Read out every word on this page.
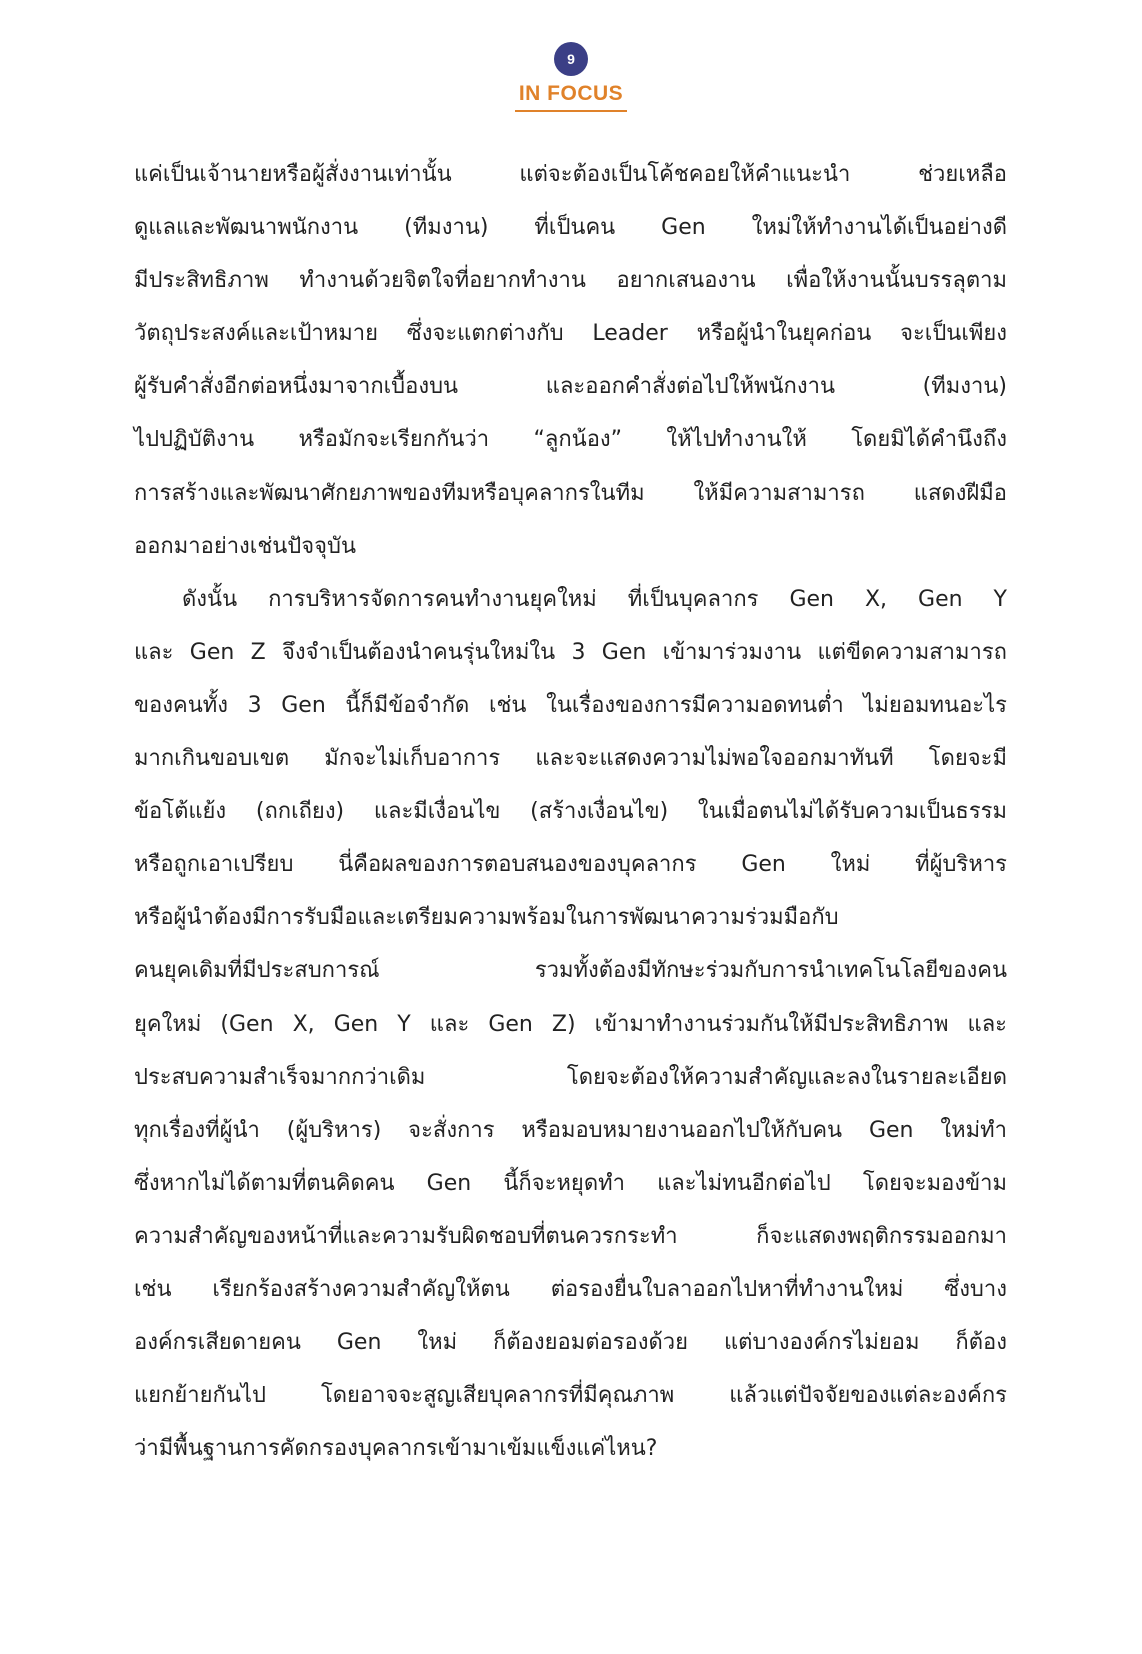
9
IN FOCUS

แค่เป็นเจ้านายหรือผู้สั่งงานเท่านั้น แต่จะต้องเป็นโค้ชคอยให้คำแนะนำ ช่วยเหลือ

ดูแลและพัฒนาพนักงาน (ทีมงาน) ที่เป็นคน Gen ใหม่ให้ทำงานได้เป็นอย่างดี

มีประสิทธิภาพ ทำงานด้วยจิตใจที่อยากทำงาน อยากเสนองาน เพื่อให้งานนั้นบรรลุตาม

วัตถุประสงค์และเป้าหมาย ซึ่งจะแตกต่างกับ Leader หรือผู้นำในยุคก่อน จะเป็นเพียง

ผู้รับคำสั่งอีกต่อหนึ่งมาจากเบื้องบน และออกคำสั่งต่อไปให้พนักงาน (ทีมงาน)

ไปปฏิบัติงาน หรือมักจะเรียกกันว่า “ลูกน้อง” ให้ไปทำงานให้ โดยมิได้คำนึงถึง

การสร้างและพัฒนาศักยภาพของทีมหรือบุคลากรในทีม ให้มีความสามารถ แสดงฝีมือ

ออกมาอย่างเช่นปัจจุบัน

ดังนั้น การบริหารจัดการคนทำงานยุคใหม่ ที่เป็นบุคลากร Gen X, Gen Y

และ Gen Z จึงจำเป็นต้องนำคนรุ่นใหม่ใน 3 Gen เข้ามาร่วมงาน แต่ขีดความสามารถ

ของคนทั้ง 3 Gen นี้ก็มีข้อจำกัด เช่น ในเรื่องของการมีความอดทนต่ำ ไม่ยอมทนอะไร

มากเกินขอบเขต มักจะไม่เก็บอาการ และจะแสดงความไม่พอใจออกมาทันที โดยจะมี

ข้อโต้แย้ง (ถกเถียง) และมีเงื่อนไข (สร้างเงื่อนไข) ในเมื่อตนไม่ได้รับความเป็นธรรม

หรือถูกเอาเปรียบ นี่คือผลของการตอบสนองของบุคลากร Gen ใหม่ ที่ผู้บริหาร

หรือผู้นำต้องมีการรับมือและเตรียมความพร้อมในการพัฒนาความร่วมมือกับ

คนยุคเดิมที่มีประสบการณ์ รวมทั้งต้องมีทักษะร่วมกับการนำเทคโนโลยีของคน

ยุคใหม่ (Gen X, Gen Y และ Gen Z) เข้ามาทำงานร่วมกันให้มีประสิทธิภาพ และ

ประสบความสำเร็จมากกว่าเดิม โดยจะต้องให้ความสำคัญและลงในรายละเอียด

ทุกเรื่องที่ผู้นำ (ผู้บริหาร) จะสั่งการ หรือมอบหมายงานออกไปให้กับคน Gen ใหม่ทำ

ซึ่งหากไม่ได้ตามที่ตนคิดคน Gen นี้ก็จะหยุดทำ และไม่ทนอีกต่อไป โดยจะมองข้าม

ความสำคัญของหน้าที่และความรับผิดชอบที่ตนควรกระทำ ก็จะแสดงพฤติกรรมออกมา

เช่น เรียกร้องสร้างความสำคัญให้ตน ต่อรองยื่นใบลาออกไปหาที่ทำงานใหม่ ซึ่งบาง

องค์กรเสียดายคน Gen ใหม่ ก็ต้องยอมต่อรองด้วย แต่บางองค์กรไม่ยอม ก็ต้อง

แยกย้ายกันไป โดยอาจจะสูญเสียบุคลากรที่มีคุณภาพ แล้วแต่ปัจจัยของแต่ละองค์กร

ว่ามีพื้นฐานการคัดกรองบุคลากรเข้ามาเข้มแข็งแค่ไหน?
